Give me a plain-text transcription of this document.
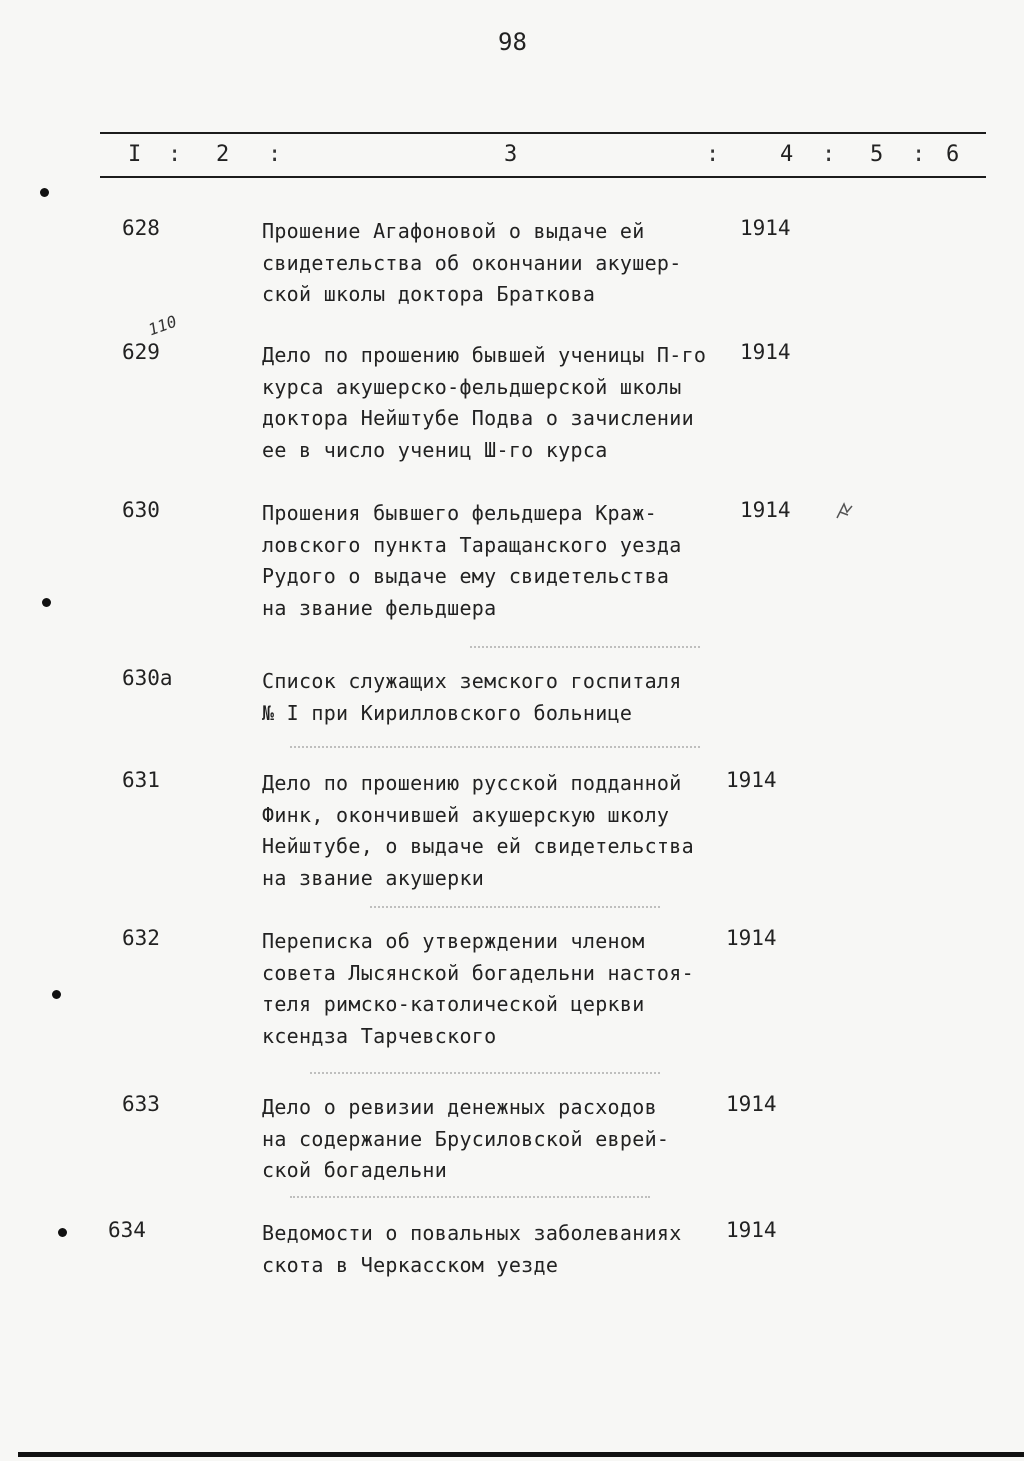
98
I : 2 :	3	:	4 : 5 : 6
110
628	Прошение Агафоновой о выдаче ей
свидетельства об окончании акушер-
ской школы доктора Браткова
1914
629	Дело по прошению бывшей ученицы П-го
курса акушерско-фельдшерской школы
доктора Нейштубе Подва о зачислении
ее в число учениц Ш-го курса
1914
630	Прошения бывшего фельдшера Краж-
ловского пункта Таращанского уезда
Рудого о выдаче ему свидетельства
на звание фельдшера
1914
630а	Список служащих земского госпиталя
№ I при Кирилловского больнице
631	Дело по прошению русской подданной
Финк, окончившей акушерскую школу
Нейштубе, о выдаче ей свидетельства
на звание акушерки
1914
632	Переписка об утверждении членом
совета Лысянской богадельни настоя-
теля римско-католической церкви
ксендза Тарчевского
1914
633	Дело о ревизии денежных расходов
на содержание Брусиловской еврей-
ской богадельни
1914
634	Ведомости о повальных заболеваниях
скота в Черкасском уезде
1914
